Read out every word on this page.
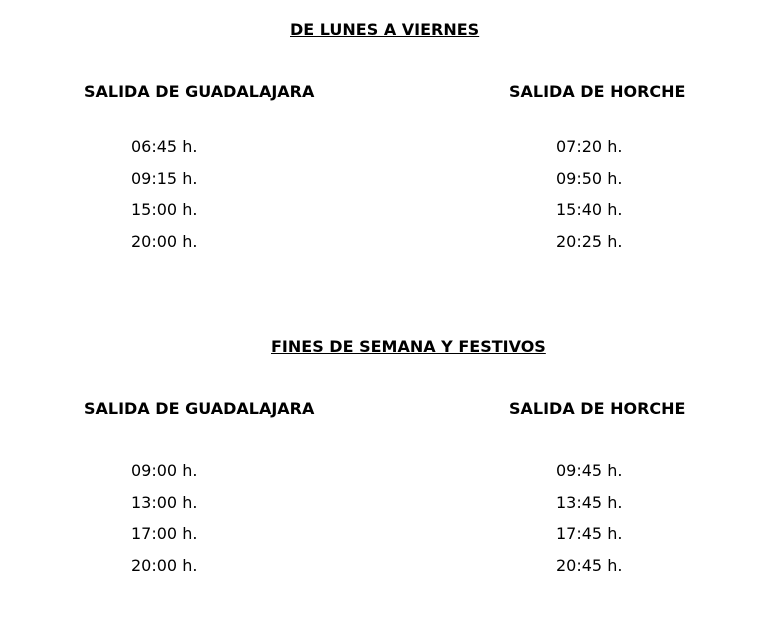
DE LUNES A VIERNES
SALIDA DE GUADALAJARA	SALIDA DE HORCHE
06:45 h.
09:15 h.
15:00 h.
20:00 h.
07:20 h.
09:50 h.
15:40 h.
20:25 h.
FINES DE SEMANA Y FESTIVOS
SALIDA DE GUADALAJARA	SALIDA DE HORCHE
09:00 h.
13:00 h.
17:00 h.
20:00 h.
09:45 h.
13:45 h.
17:45 h.
20:45 h.
